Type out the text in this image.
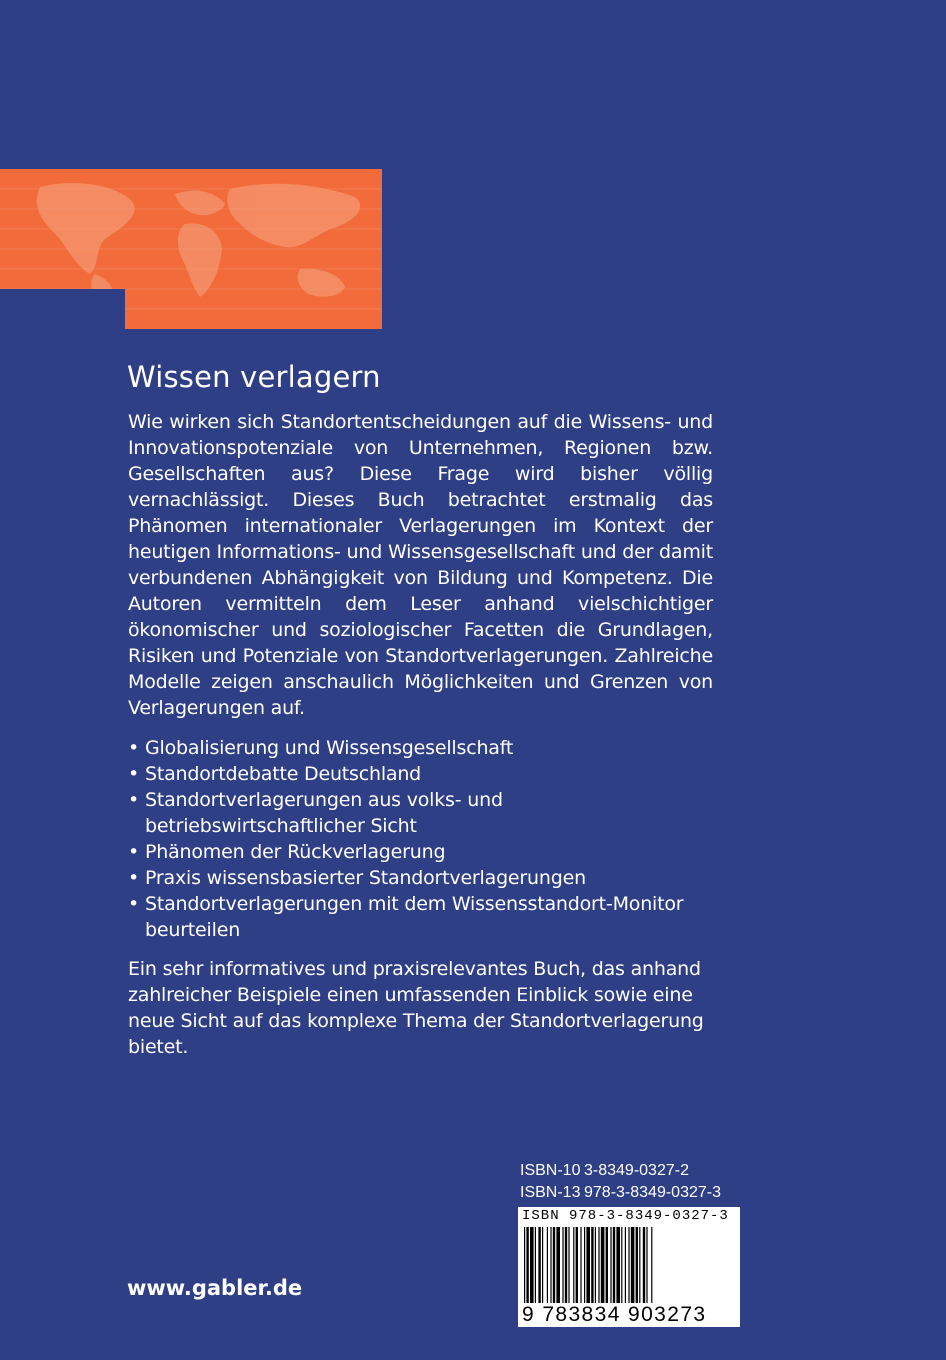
Wissen verlagern

Wie wirken sich Standortentscheidungen auf die Wissens- und Innovationspotenziale von Unternehmen, Regionen bzw. Gesellschaften aus? Diese Frage wird bisher völlig vernachlässigt. Dieses Buch betrachtet erstmalig das Phänomen internationaler Verlagerungen im Kontext der heutigen Informations- und Wissensgesellschaft und der damit verbundenen Abhängigkeit von Bildung und Kompetenz. Die Autoren vermitteln dem Leser anhand vielschichtiger ökonomischer und soziologischer Facetten die Grundlagen, Risiken und Potenziale von Standortverlagerungen. Zahlreiche Modelle zeigen anschaulich Möglichkeiten und Grenzen von Verlagerungen auf.

• Globalisierung und Wissensgesellschaft
• Standortdebatte Deutschland
• Standortverlagerungen aus volks- und betriebswirtschaftlicher Sicht
• Phänomen der Rückverlagerung
• Praxis wissensbasierter Standortverlagerungen
• Standortverlagerungen mit dem Wissensstandort-Monitor beurteilen

Ein sehr informatives und praxisrelevantes Buch, das anhand zahlreicher Beispiele einen umfassenden Einblick sowie eine neue Sicht auf das komplexe Thema der Standortverlagerung bietet.

ISBN-10 3-8349-0327-2
ISBN-13 978-3-8349-0327-3
ISBN 978-3-8349-0327-3
9 783834 903273
www.gabler.de
